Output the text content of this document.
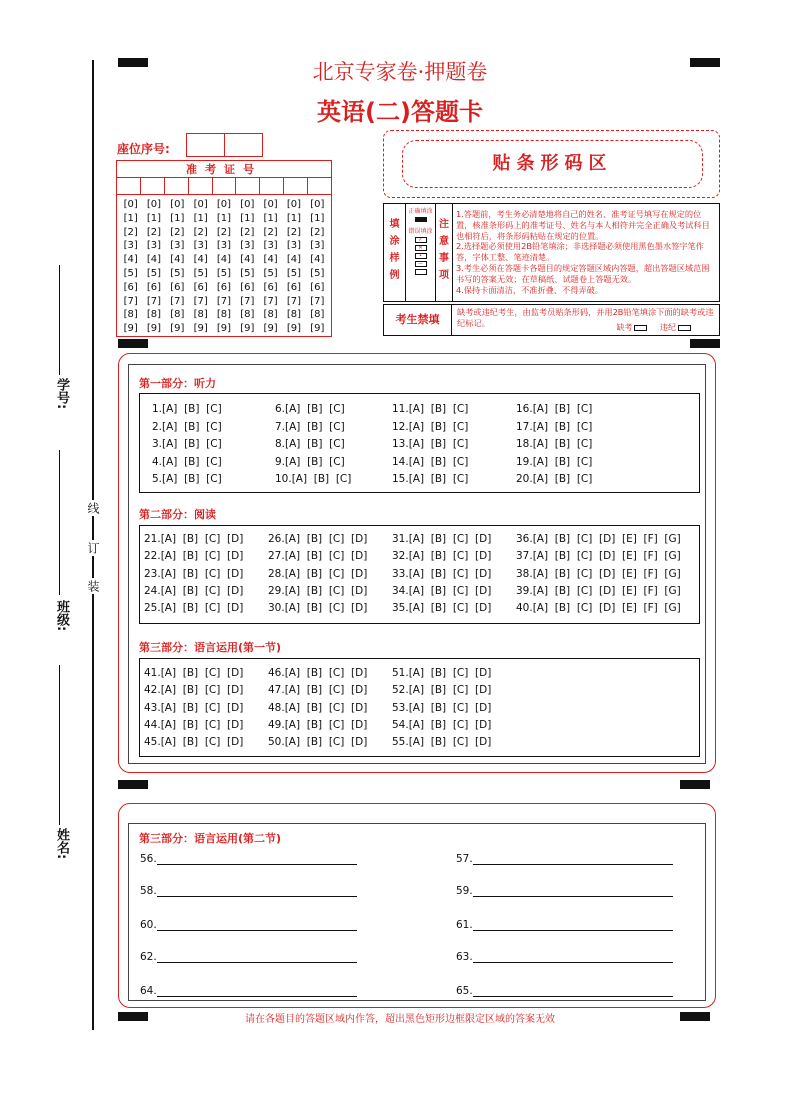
线
订
装
学号:
班级:
姓名:
北京专家卷·押题卷
英语(二)答题卡
座位序号:
准考证号
[0]
[1]
[2]
[3]
[4]
[5]
[6]
[7]
[8]
[9]
[0]
[1]
[2]
[3]
[4]
[5]
[6]
[7]
[8]
[9]
[0]
[1]
[2]
[3]
[4]
[5]
[6]
[7]
[8]
[9]
[0]
[1]
[2]
[3]
[4]
[5]
[6]
[7]
[8]
[9]
[0]
[1]
[2]
[3]
[4]
[5]
[6]
[7]
[8]
[9]
[0]
[1]
[2]
[3]
[4]
[5]
[6]
[7]
[8]
[9]
[0]
[1]
[2]
[3]
[4]
[5]
[6]
[7]
[8]
[9]
[0]
[1]
[2]
[3]
[4]
[5]
[6]
[7]
[8]
[9]
[0]
[1]
[2]
[3]
[4]
[5]
[6]
[7]
[8]
[9]
贴条形码区
填
涂
样
例
正确填涂
错误填涂
✓
✕
•
—
注
意
事
项
1.答题前，考生务必清楚地将自己的姓名、准考证号填写在规定的位置，核准条形码上的准考证号、姓名与本人相符并完全正确及考试科目也相符后，将条形码粘贴在规定的位置。
2.选择题必须使用2B铅笔填涂；非选择题必须使用黑色墨水签字笔作答，字体工整、笔迹清楚。
3.考生必须在答题卡各题目的规定答题区域内答题，超出答题区域范围书写的答案无效；在草稿纸、试题卷上答题无效。
4.保持卡面清洁，不准折叠、不得弄破。
考生禁填
缺考或违纪考生，由监考员贴条形码，并用2B铅笔填涂下面的缺考或违纪标记。	缺考	违纪
第一部分：听力
1.[A]  [B]  [C]
2.[A]  [B]  [C]
3.[A]  [B]  [C]
4.[A]  [B]  [C]
5.[A]  [B]  [C]
6.[A]  [B]  [C]
7.[A]  [B]  [C]
8.[A]  [B]  [C]
9.[A]  [B]  [C]
10.[A]  [B]  [C]
11.[A]  [B]  [C]
12.[A]  [B]  [C]
13.[A]  [B]  [C]
14.[A]  [B]  [C]
15.[A]  [B]  [C]
16.[A]  [B]  [C]
17.[A]  [B]  [C]
18.[A]  [B]  [C]
19.[A]  [B]  [C]
20.[A]  [B]  [C]
第二部分：阅读
21.[A]  [B]  [C]  [D]
22.[A]  [B]  [C]  [D]
23.[A]  [B]  [C]  [D]
24.[A]  [B]  [C]  [D]
25.[A]  [B]  [C]  [D]
26.[A]  [B]  [C]  [D]
27.[A]  [B]  [C]  [D]
28.[A]  [B]  [C]  [D]
29.[A]  [B]  [C]  [D]
30.[A]  [B]  [C]  [D]
31.[A]  [B]  [C]  [D]
32.[A]  [B]  [C]  [D]
33.[A]  [B]  [C]  [D]
34.[A]  [B]  [C]  [D]
35.[A]  [B]  [C]  [D]
36.[A]  [B]  [C]  [D]  [E]  [F]  [G]
37.[A]  [B]  [C]  [D]  [E]  [F]  [G]
38.[A]  [B]  [C]  [D]  [E]  [F]  [G]
39.[A]  [B]  [C]  [D]  [E]  [F]  [G]
40.[A]  [B]  [C]  [D]  [E]  [F]  [G]
第三部分：语言运用(第一节)
41.[A]  [B]  [C]  [D]
42.[A]  [B]  [C]  [D]
43.[A]  [B]  [C]  [D]
44.[A]  [B]  [C]  [D]
45.[A]  [B]  [C]  [D]
46.[A]  [B]  [C]  [D]
47.[A]  [B]  [C]  [D]
48.[A]  [B]  [C]  [D]
49.[A]  [B]  [C]  [D]
50.[A]  [B]  [C]  [D]
51.[A]  [B]  [C]  [D]
52.[A]  [B]  [C]  [D]
53.[A]  [B]  [C]  [D]
54.[A]  [B]  [C]  [D]
55.[A]  [B]  [C]  [D]
第三部分：语言运用(第二节)
56.
58.
60.
62.
64.
57.
59.
61.
63.
65.
请在各题目的答题区域内作答，超出黑色矩形边框限定区域的答案无效
